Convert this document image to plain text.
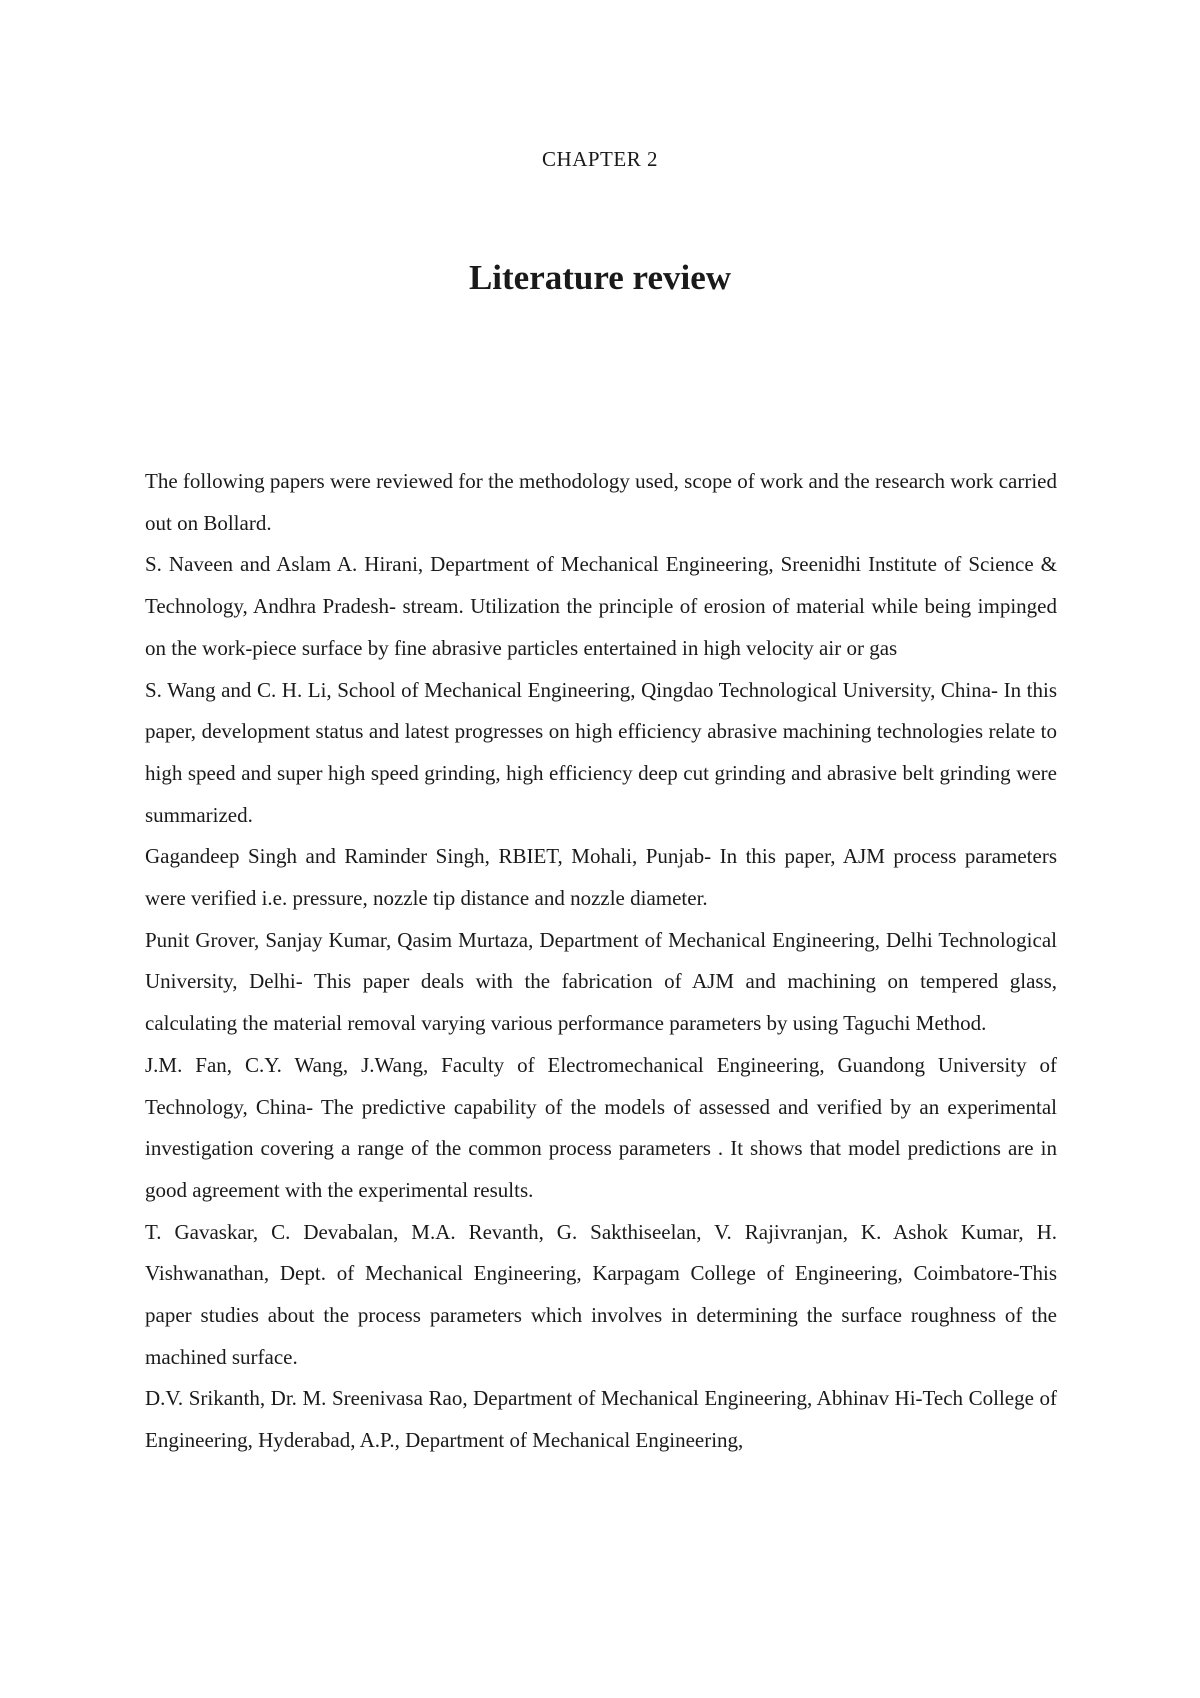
CHAPTER 2
Literature review

The following papers were reviewed for the methodology used, scope of work and the research work carried out on Bollard.

S. Naveen and Aslam A. Hirani, Department of Mechanical Engineering, Sreenidhi Institute of Science & Technology, Andhra Pradesh- stream. Utilization the principle of erosion of material while being impinged on the work-piece surface by fine abrasive particles entertained in high velocity air or gas

S. Wang and C. H. Li, School of Mechanical Engineering, Qingdao Technological University, China- In this paper, development status and latest progresses on high efficiency abrasive machining technologies relate to high speed and super high speed grinding, high efficiency deep cut grinding and abrasive belt grinding were summarized.

Gagandeep Singh and Raminder Singh, RBIET, Mohali, Punjab- In this paper, AJM process parameters were verified i.e. pressure, nozzle tip distance and nozzle diameter.

Punit Grover, Sanjay Kumar, Qasim Murtaza, Department of Mechanical Engineering, Delhi Technological University, Delhi- This paper deals with the fabrication of AJM and machining on tempered glass, calculating the material removal varying various performance parameters by using Taguchi Method.

J.M. Fan, C.Y. Wang, J.Wang, Faculty of Electromechanical Engineering, Guandong University of Technology, China- The predictive capability of the models of assessed and verified by an experimental investigation covering a range of the common process parameters . It shows that model predictions are in good agreement with the experimental results.

T. Gavaskar, C. Devabalan, M.A. Revanth, G. Sakthiseelan, V. Rajivranjan, K. Ashok Kumar, H. Vishwanathan, Dept. of Mechanical Engineering, Karpagam College of Engineering, Coimbatore-This paper studies about the process parameters which involves in determining the surface roughness of the machined surface.

D.V. Srikanth, Dr. M. Sreenivasa Rao, Department of Mechanical Engineering, Abhinav Hi-Tech College of Engineering, Hyderabad, A.P., Department of Mechanical Engineering,
